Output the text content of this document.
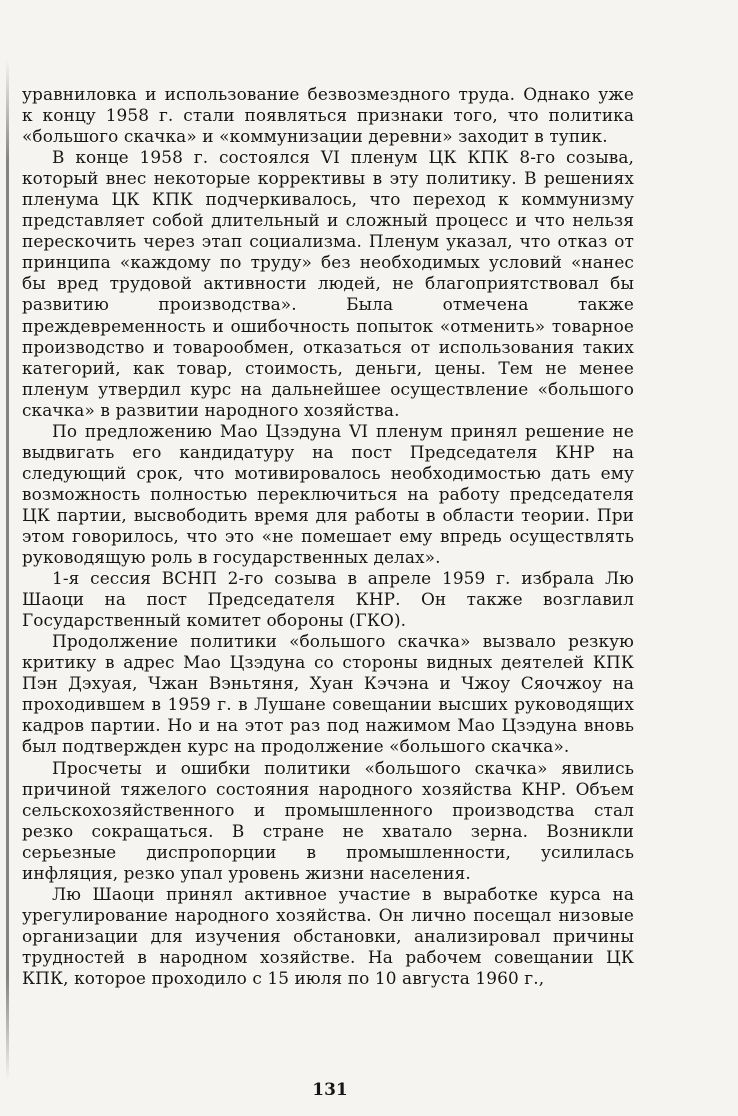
уравниловка и использование безвозмездного труда. Однако уже к концу 1958 г. стали появляться признаки того, что политика «большого скачка» и «коммунизации деревни» заходит в тупик.

В конце 1958 г. состоялся VI пленум ЦК КПК 8-го созыва, который внес некоторые коррективы в эту политику. В решениях пленума ЦК КПК подчеркивалось, что переход к коммунизму представляет собой длительный и сложный процесс и что нельзя перескочить через этап социализма. Пленум указал, что отказ от принципа «каждому по труду» без необходимых условий «нанес бы вред трудовой активности людей, не благоприятствовал бы развитию производства». Была отмечена также преждевременность и ошибочность попыток «отменить» товарное производство и товарообмен, отказаться от использования таких категорий, как товар, стоимость, деньги, цены. Тем не менее пленум утвердил курс на дальнейшее осуществление «большого скачка» в развитии народного хозяйства.

По предложению Мао Цзэдуна VI пленум принял решение не выдвигать его кандидатуру на пост Председателя КНР на следующий срок, что мотивировалось необходимостью дать ему возможность полностью переключиться на работу председателя ЦК партии, высвободить время для работы в области теории. При этом говорилось, что это «не помешает ему впредь осуществлять руководящую роль в государственных делах».

1-я сессия ВСНП 2-го созыва в апреле 1959 г. избрала Лю Шаоци на пост Председателя КНР. Он также возглавил Государственный комитет обороны (ГКО).

Продолжение политики «большого скачка» вызвало резкую критику в адрес Мао Цзэдуна со стороны видных деятелей КПК Пэн Дэхуая, Чжан Вэньтяня, Хуан Кэчэна и Чжоу Сяочжоу на проходившем в 1959 г. в Лушане совещании высших руководящих кадров партии. Но и на этот раз под нажимом Мао Цзэдуна вновь был подтвержден курс на продолжение «большого скачка».

Просчеты и ошибки политики «большого скачка» явились причиной тяжелого состояния народного хозяйства КНР. Объем сельскохозяйственного и промышленного производства стал резко сокращаться. В стране не хватало зерна. Возникли серьезные диспропорции в промышленности, усилилась инфляция, резко упал уровень жизни населения.

Лю Шаоци принял активное участие в выработке курса на урегулирование народного хозяйства. Он лично посещал низовые организации для изучения обстановки, анализировал причины трудностей в народном хозяйстве. На рабочем совещании ЦК КПК, которое проходило с 15 июля по 10 августа 1960 г.,

131
